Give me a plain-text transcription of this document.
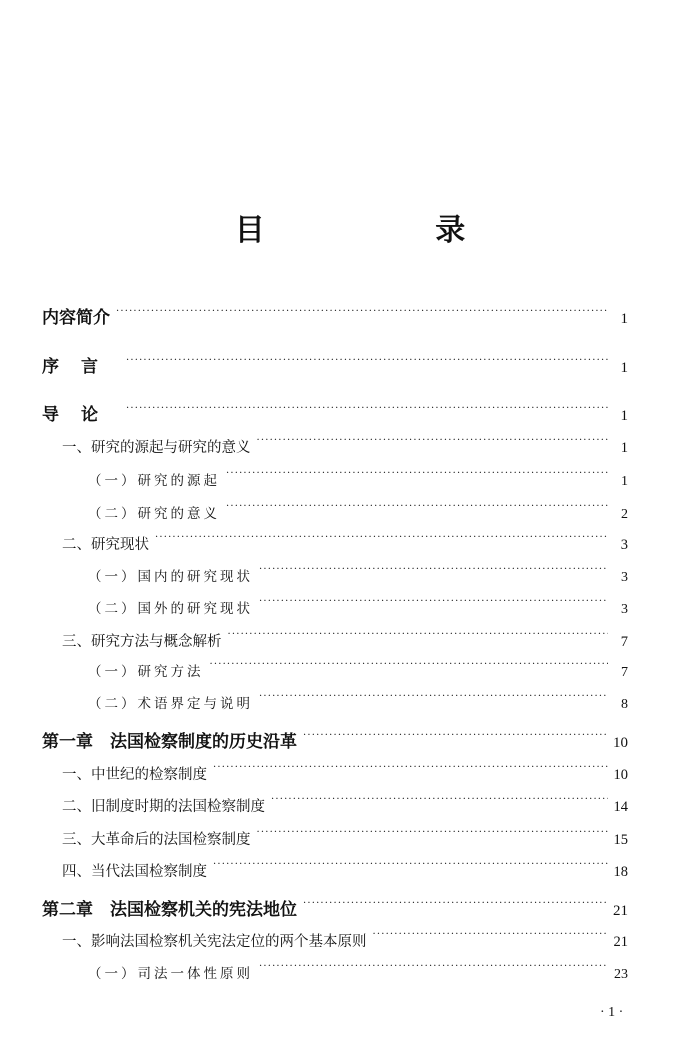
目 录
内容简介 · · ·	1
序言 · · ·	1
导论 · · ·	1
一、研究的源起与研究的意义 · · ·	1
（一）研究的源起 · · ·	1
（二）研究的意义 · · ·	2
二、研究现状 · · ·	3
（一）国内的研究现状 · · ·	3
（二）国外的研究现状 · · ·	3
三、研究方法与概念解析 · · ·	7
（一）研究方法 · · ·	7
（二）术语界定与说明 · · ·	8
第一章　法国检察制度的历史沿革 · · ·	10
一、中世纪的检察制度 · · ·	10
二、旧制度时期的法国检察制度 · · ·	14
三、大革命后的法国检察制度 · · ·	15
四、当代法国检察制度 · · ·	18
第二章　法国检察机关的宪法地位 · · ·	21
一、影响法国检察机关宪法定位的两个基本原则 · · ·	21
（一）司法一体性原则 · · ·	23
· 1 ·
